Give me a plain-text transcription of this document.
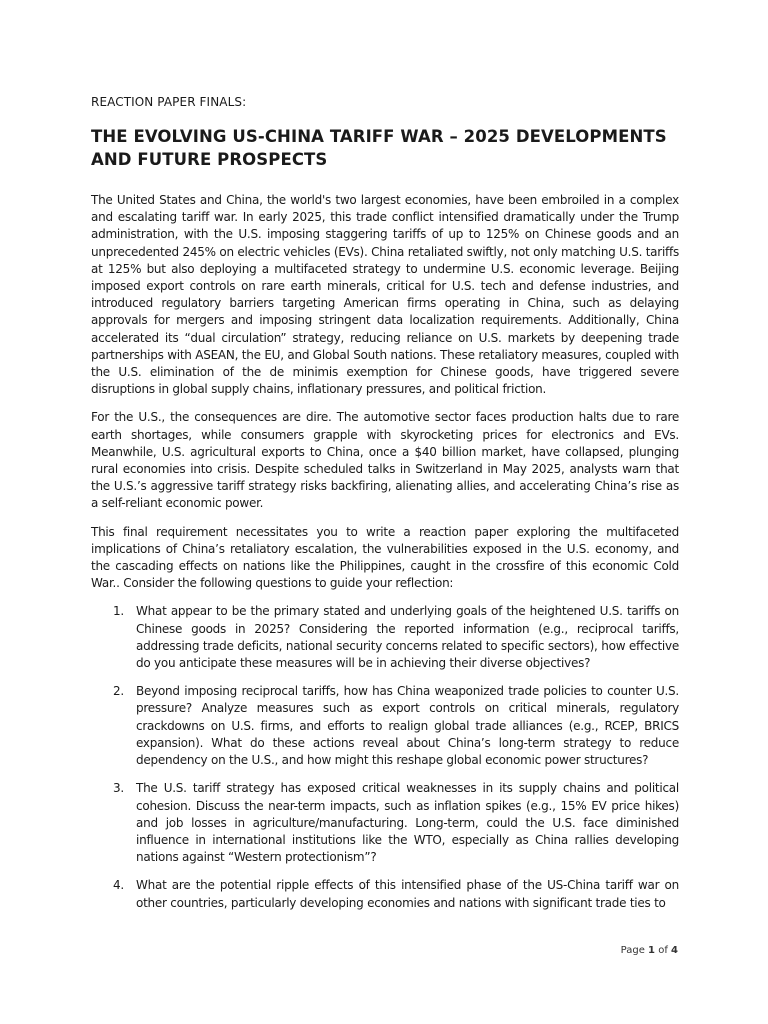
REACTION PAPER FINALS:
THE EVOLVING US-CHINA TARIFF WAR – 2025 DEVELOPMENTS AND FUTURE PROSPECTS

The United States and China, the world's two largest economies, have been embroiled in a complex and escalating tariff war. In early 2025, this trade conflict intensified dramatically under the Trump administration, with the U.S. imposing staggering tariffs of up to 125% on Chinese goods and an unprecedented 245% on electric vehicles (EVs). China retaliated swiftly, not only matching U.S. tariffs at 125% but also deploying a multifaceted strategy to undermine U.S. economic leverage. Beijing imposed export controls on rare earth minerals, critical for U.S. tech and defense industries, and introduced regulatory barriers targeting American firms operating in China, such as delaying approvals for mergers and imposing stringent data localization requirements. Additionally, China accelerated its “dual circulation” strategy, reducing reliance on U.S. markets by deepening trade partnerships with ASEAN, the EU, and Global South nations. These retaliatory measures, coupled with the U.S. elimination of the de minimis exemption for Chinese goods, have triggered severe disruptions in global supply chains, inflationary pressures, and political friction.

For the U.S., the consequences are dire. The automotive sector faces production halts due to rare earth shortages, while consumers grapple with skyrocketing prices for electronics and EVs. Meanwhile, U.S. agricultural exports to China, once a $40 billion market, have collapsed, plunging rural economies into crisis. Despite scheduled talks in Switzerland in May 2025, analysts warn that the U.S.’s aggressive tariff strategy risks backfiring, alienating allies, and accelerating China’s rise as a self-reliant economic power.

This final requirement necessitates you to write a reaction paper exploring the multifaceted implications of China’s retaliatory escalation, the vulnerabilities exposed in the U.S. economy, and the cascading effects on nations like the Philippines, caught in the crossfire of this economic Cold War.. Consider the following questions to guide your reflection:

1. What appear to be the primary stated and underlying goals of the heightened U.S. tariffs on Chinese goods in 2025? Considering the reported information (e.g., reciprocal tariffs, addressing trade deficits, national security concerns related to specific sectors), how effective do you anticipate these measures will be in achieving their diverse objectives?
2. Beyond imposing reciprocal tariffs, how has China weaponized trade policies to counter U.S. pressure? Analyze measures such as export controls on critical minerals, regulatory crackdowns on U.S. firms, and efforts to realign global trade alliances (e.g., RCEP, BRICS expansion). What do these actions reveal about China’s long-term strategy to reduce dependency on the U.S., and how might this reshape global economic power structures?
3. The U.S. tariff strategy has exposed critical weaknesses in its supply chains and political cohesion. Discuss the near-term impacts, such as inflation spikes (e.g., 15% EV price hikes) and job losses in agriculture/manufacturing. Long-term, could the U.S. face diminished influence in international institutions like the WTO, especially as China rallies developing nations against “Western protectionism”?
4. What are the potential ripple effects of this intensified phase of the US-China tariff war on other countries, particularly developing economies and nations with significant trade ties to
Page 1 of 4
